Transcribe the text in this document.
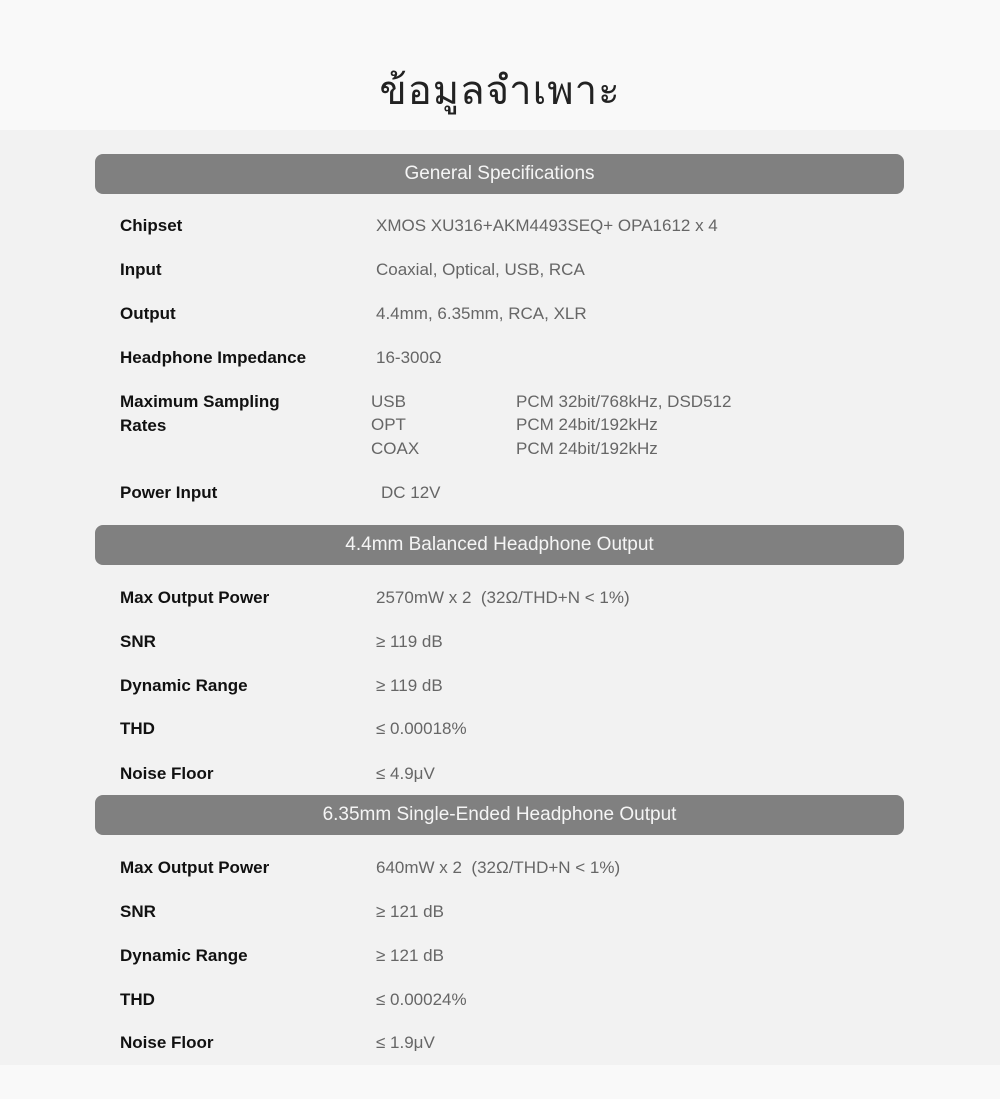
ข้อมูลจำเพาะ
General Specifications
Chipset	XMOS XU316+AKM4493SEQ+ OPA1612 x 4
Input	Coaxial, Optical, USB, RCA
Output	4.4mm, 6.35mm, RCA, XLR
Headphone Impedance	16-300Ω
Maximum Sampling
Rates
USB	PCM 32bit/768kHz, DSD512
OPT	PCM 24bit/192kHz
COAX	PCM 24bit/192kHz
Power Input	DC 12V
4.4mm Balanced Headphone Output
Max Output Power	2570mW x 2  (32Ω/THD+N < 1%)
SNR	≥ 119 dB
Dynamic Range	≥ 119 dB
THD	≤ 0.00018%
Noise Floor	≤ 4.9μV
6.35mm Single-Ended Headphone Output
Max Output Power	640mW x 2  (32Ω/THD+N < 1%)
SNR	≥ 121 dB
Dynamic Range	≥ 121 dB
THD	≤ 0.00024%
Noise Floor	≤ 1.9μV
